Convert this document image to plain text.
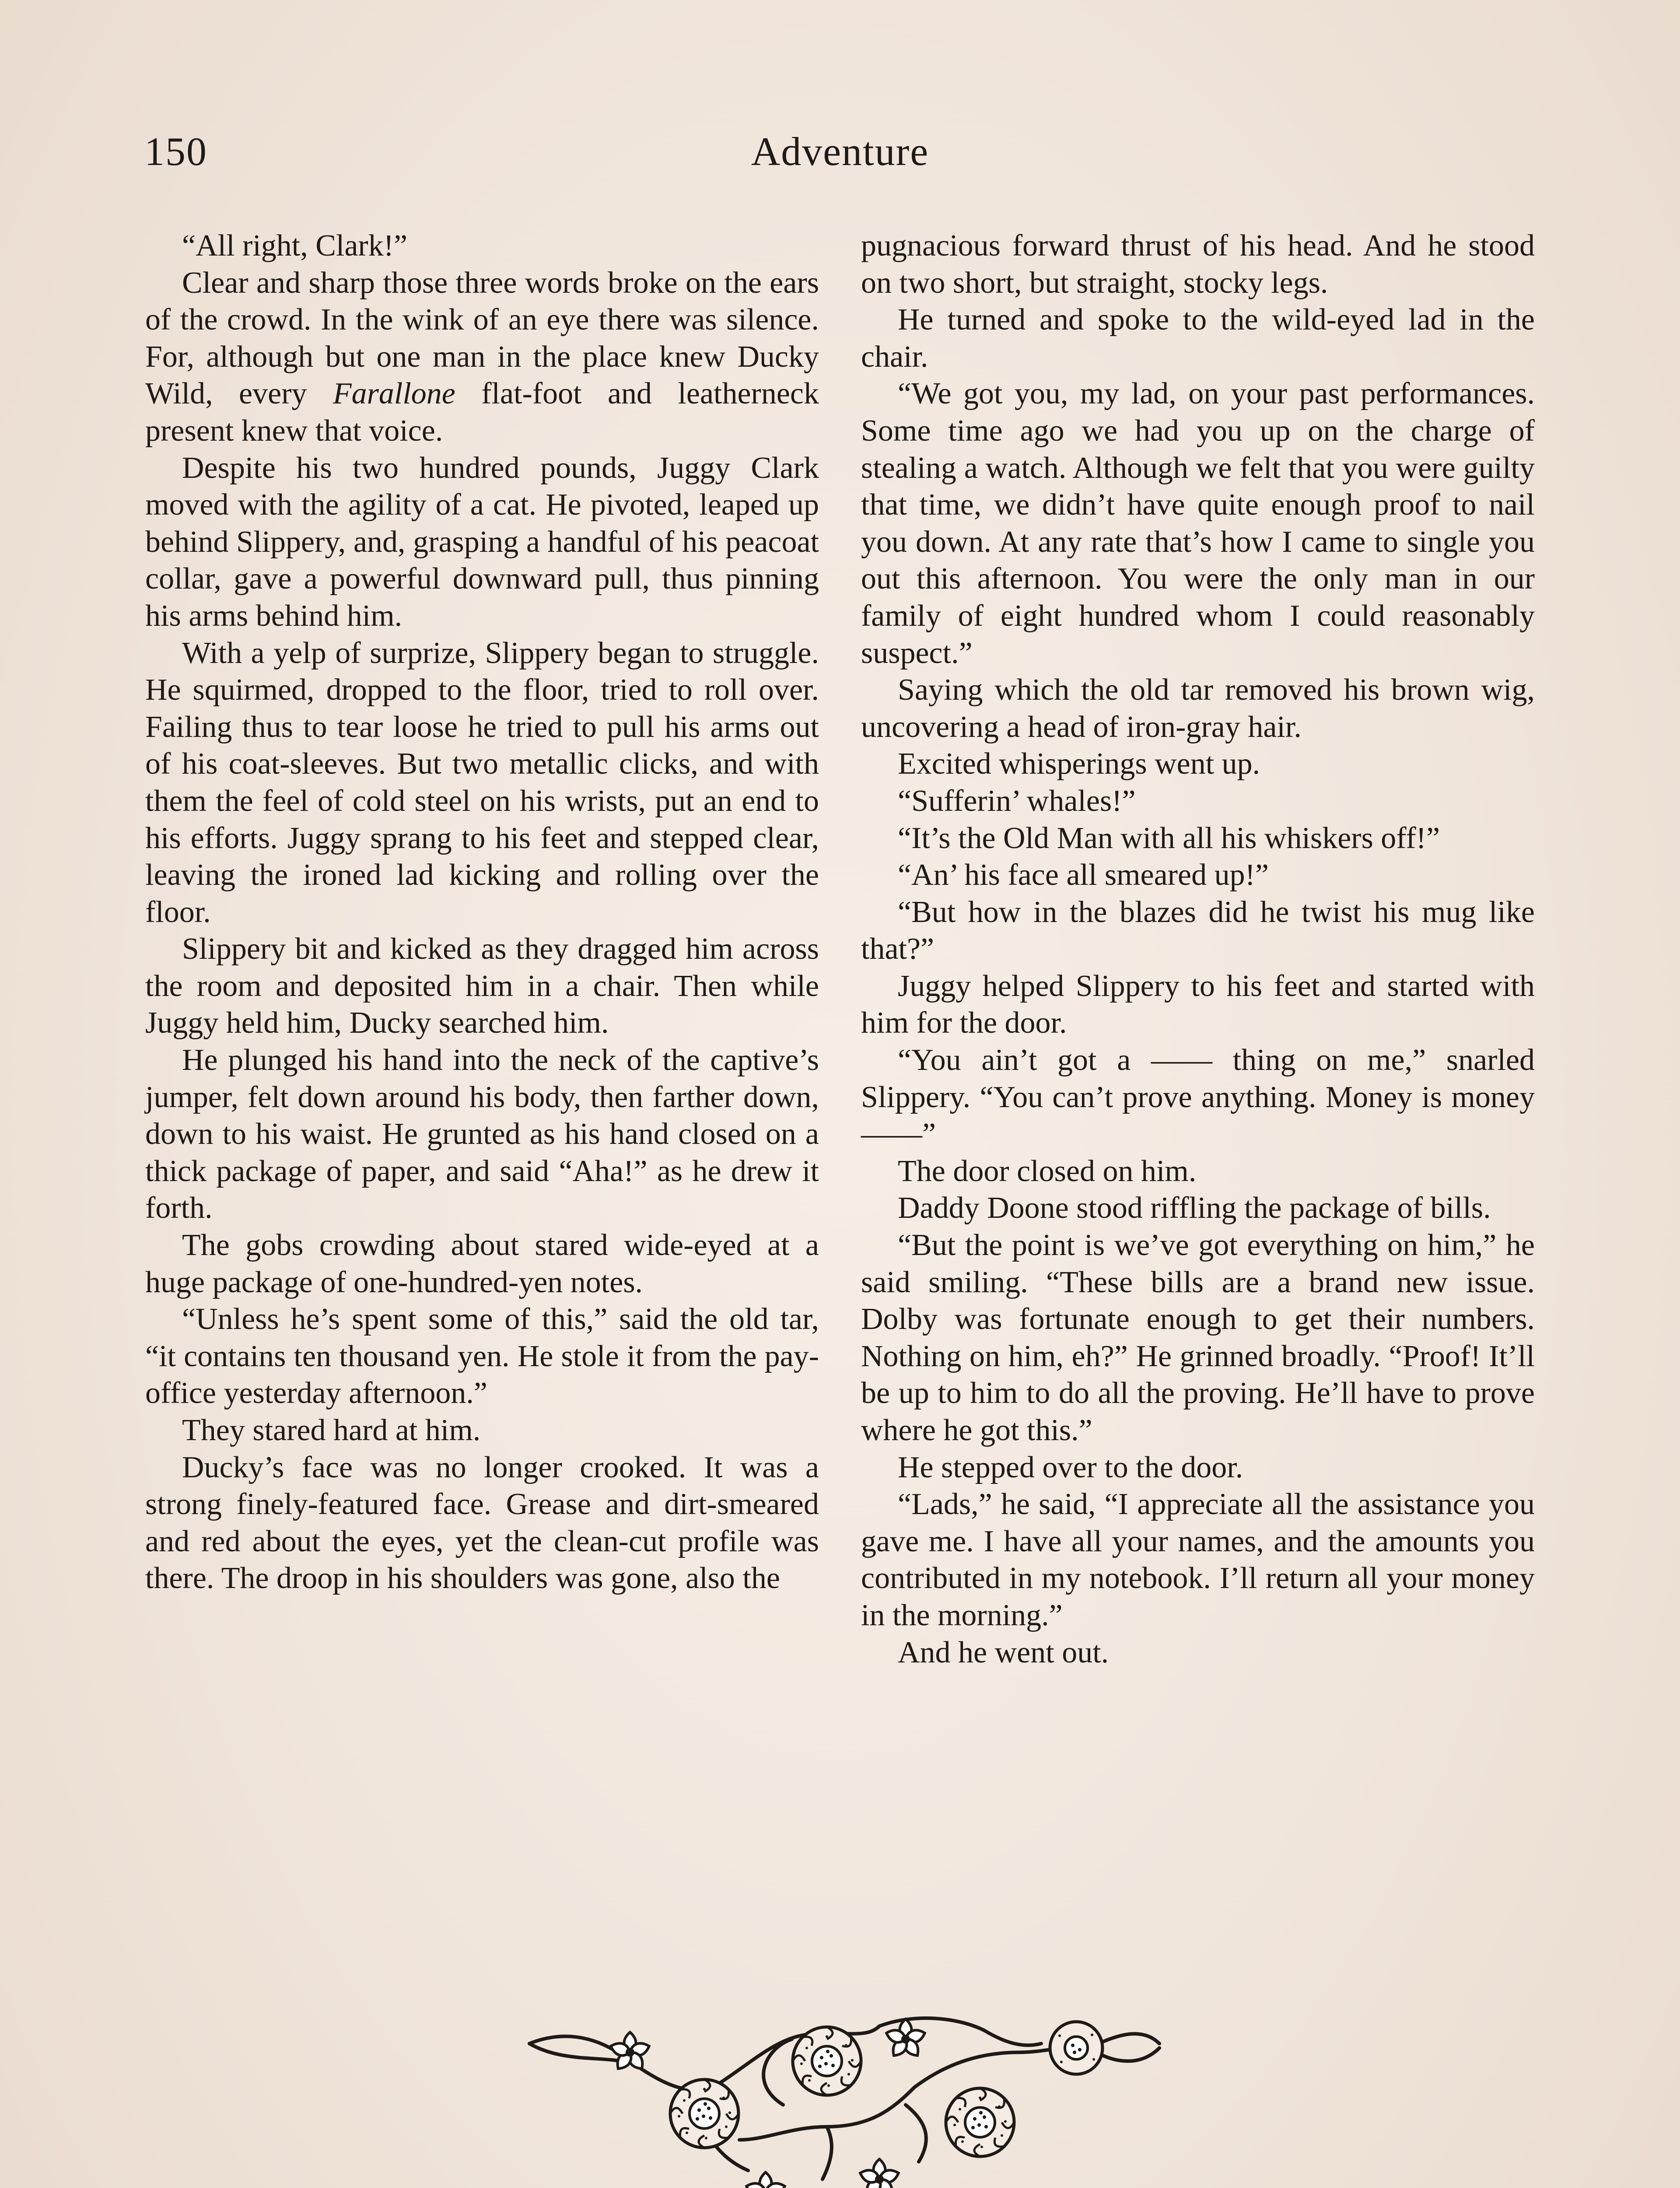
150	Adventure

“All right, Clark!”

Clear and sharp those three words broke on the ears of the crowd. In the wink of an eye there was silence. For, although but one man in the place knew Ducky Wild, every Farallone flat-foot and leatherneck present knew that voice.

Despite his two hundred pounds, Juggy Clark moved with the agility of a cat. He pivoted, leaped up behind Slippery, and, grasping a handful of his peacoat collar, gave a powerful downward pull, thus pinning his arms behind him.

With a yelp of surprize, Slippery began to struggle. He squirmed, dropped to the floor, tried to roll over. Failing thus to tear loose he tried to pull his arms out of his coat-sleeves. But two metallic clicks, and with them the feel of cold steel on his wrists, put an end to his efforts. Juggy sprang to his feet and stepped clear, leaving the ironed lad kicking and rolling over the floor.

Slippery bit and kicked as they dragged him across the room and deposited him in a chair. Then while Juggy held him, Ducky searched him.

He plunged his hand into the neck of the captive’s jumper, felt down around his body, then farther down, down to his waist. He grunted as his hand closed on a thick package of paper, and said “Aha!” as he drew it forth.

The gobs crowding about stared wide-eyed at a huge package of one-hundred-yen notes.

“Unless he’s spent some of this,” said the old tar, “it contains ten thousand yen. He stole it from the pay-office yesterday afternoon.”

They stared hard at him.

Ducky’s face was no longer crooked. It was a strong finely-featured face. Grease and dirt-smeared and red about the eyes, yet the clean-cut profile was there. The droop in his shoulders was gone, also the

pugnacious forward thrust of his head. And he stood on two short, but straight, stocky legs.

He turned and spoke to the wild-eyed lad in the chair.

“We got you, my lad, on your past performances. Some time ago we had you up on the charge of stealing a watch. Although we felt that you were guilty that time, we didn’t have quite enough proof to nail you down. At any rate that’s how I came to single you out this afternoon. You were the only man in our family of eight hundred whom I could reasonably suspect.”

Saying which the old tar removed his brown wig, uncovering a head of iron-gray hair.

Excited whisperings went up.

“Sufferin’ whales!”

“It’s the Old Man with all his whiskers off!”

“An’ his face all smeared up!”

“But how in the blazes did he twist his mug like that?”

Juggy helped Slippery to his feet and started with him for the door.

“You ain’t got a —— thing on me,” snarled Slippery. “You can’t prove anything. Money is money——”

The door closed on him.

Daddy Doone stood riffling the package of bills.

“But the point is we’ve got everything on him,” he said smiling. “These bills are a brand new issue. Dolby was fortunate enough to get their numbers. Nothing on him, eh?” He grinned broadly. “Proof! It’ll be up to him to do all the proving. He’ll have to prove where he got this.”

He stepped over to the door.

“Lads,” he said, “I appreciate all the assistance you gave me. I have all your names, and the amounts you contributed in my notebook. I’ll return all your money in the morning.”

And he went out.
